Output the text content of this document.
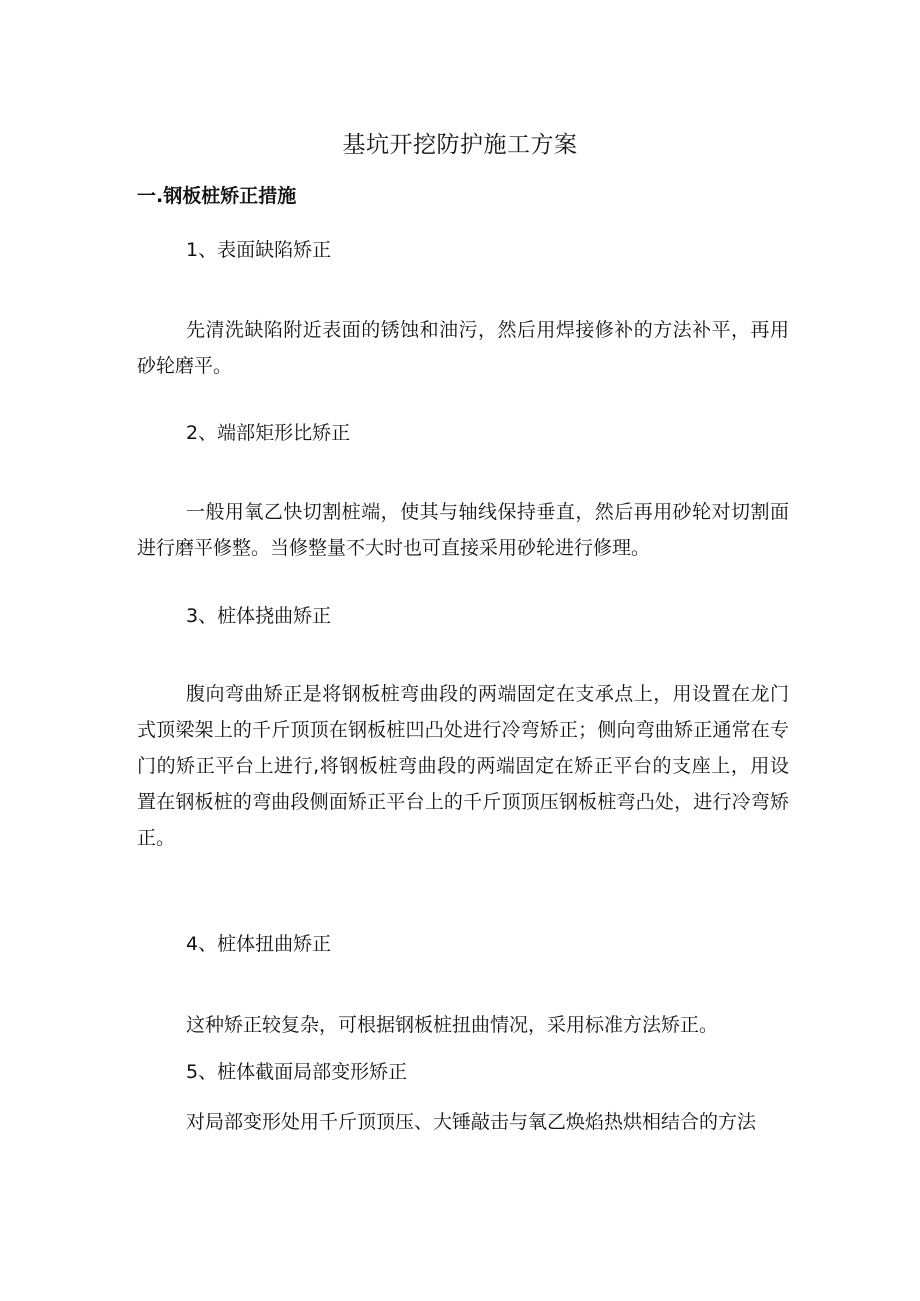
基坑开挖防护施工方案
一.钢板桩矫正措施

1、表面缺陷矫正

先清洗缺陷附近表面的锈蚀和油污，然后用焊接修补的方法补平，再用砂轮磨平。

2、端部矩形比矫正

一般用氧乙快切割桩端，使其与轴线保持垂直，然后再用砂轮对切割面进行磨平修整。当修整量不大时也可直接采用砂轮进行修理。

3、桩体挠曲矫正

腹向弯曲矫正是将钢板桩弯曲段的两端固定在支承点上，用设置在龙门式顶梁架上的千斤顶顶在钢板桩凹凸处进行冷弯矫正；侧向弯曲矫正通常在专门的矫正平台上进行,将钢板桩弯曲段的两端固定在矫正平台的支座上，用设置在钢板桩的弯曲段侧面矫正平台上的千斤顶顶压钢板桩弯凸处，进行冷弯矫正。

4、桩体扭曲矫正

这种矫正较复杂，可根据钢板桩扭曲情况，采用标准方法矫正。

5、桩体截面局部变形矫正

对局部变形处用千斤顶顶压、大锤敲击与氧乙焕焰热烘相结合的方法
